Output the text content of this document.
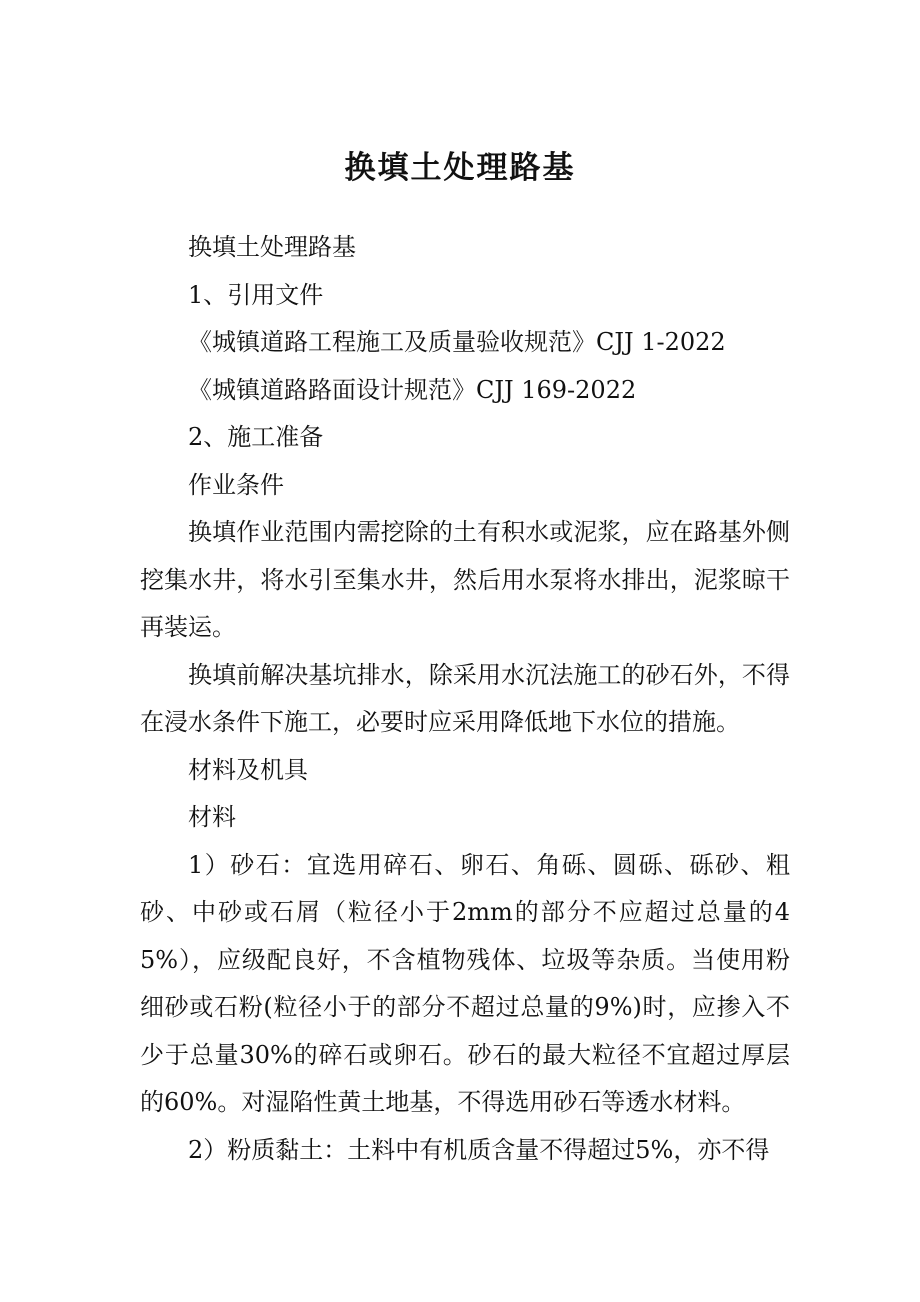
换填土处理路基

换填土处理路基

1、引用文件

《城镇道路工程施工及质量验收规范》CJJ 1-2022

《城镇道路路面设计规范》CJJ 169-2022

2、施工准备

作业条件

换填作业范围内需挖除的土有积水或泥浆，应在路基外侧挖集水井，将水引至集水井，然后用水泵将水排出，泥浆晾干再装运。

换填前解决基坑排水，除采用水沉法施工的砂石外，不得在浸水条件下施工，必要时应采用降低地下水位的措施。

材料及机具

材料

1）砂石：宜选用碎石、卵石、角砾、圆砾、砾砂、粗砂、中砂或石屑（粒径小于2mm的部分不应超过总量的45%），应级配良好，不含植物残体、垃圾等杂质。当使用粉细砂或石粉(粒径小于的部分不超过总量的9%)时，应掺入不少于总量30%的碎石或卵石。砂石的最大粒径不宜超过厚层的60%。对湿陷性黄土地基，不得选用砂石等透水材料。

2）粉质黏土：土料中有机质含量不得超过5%，亦不得
